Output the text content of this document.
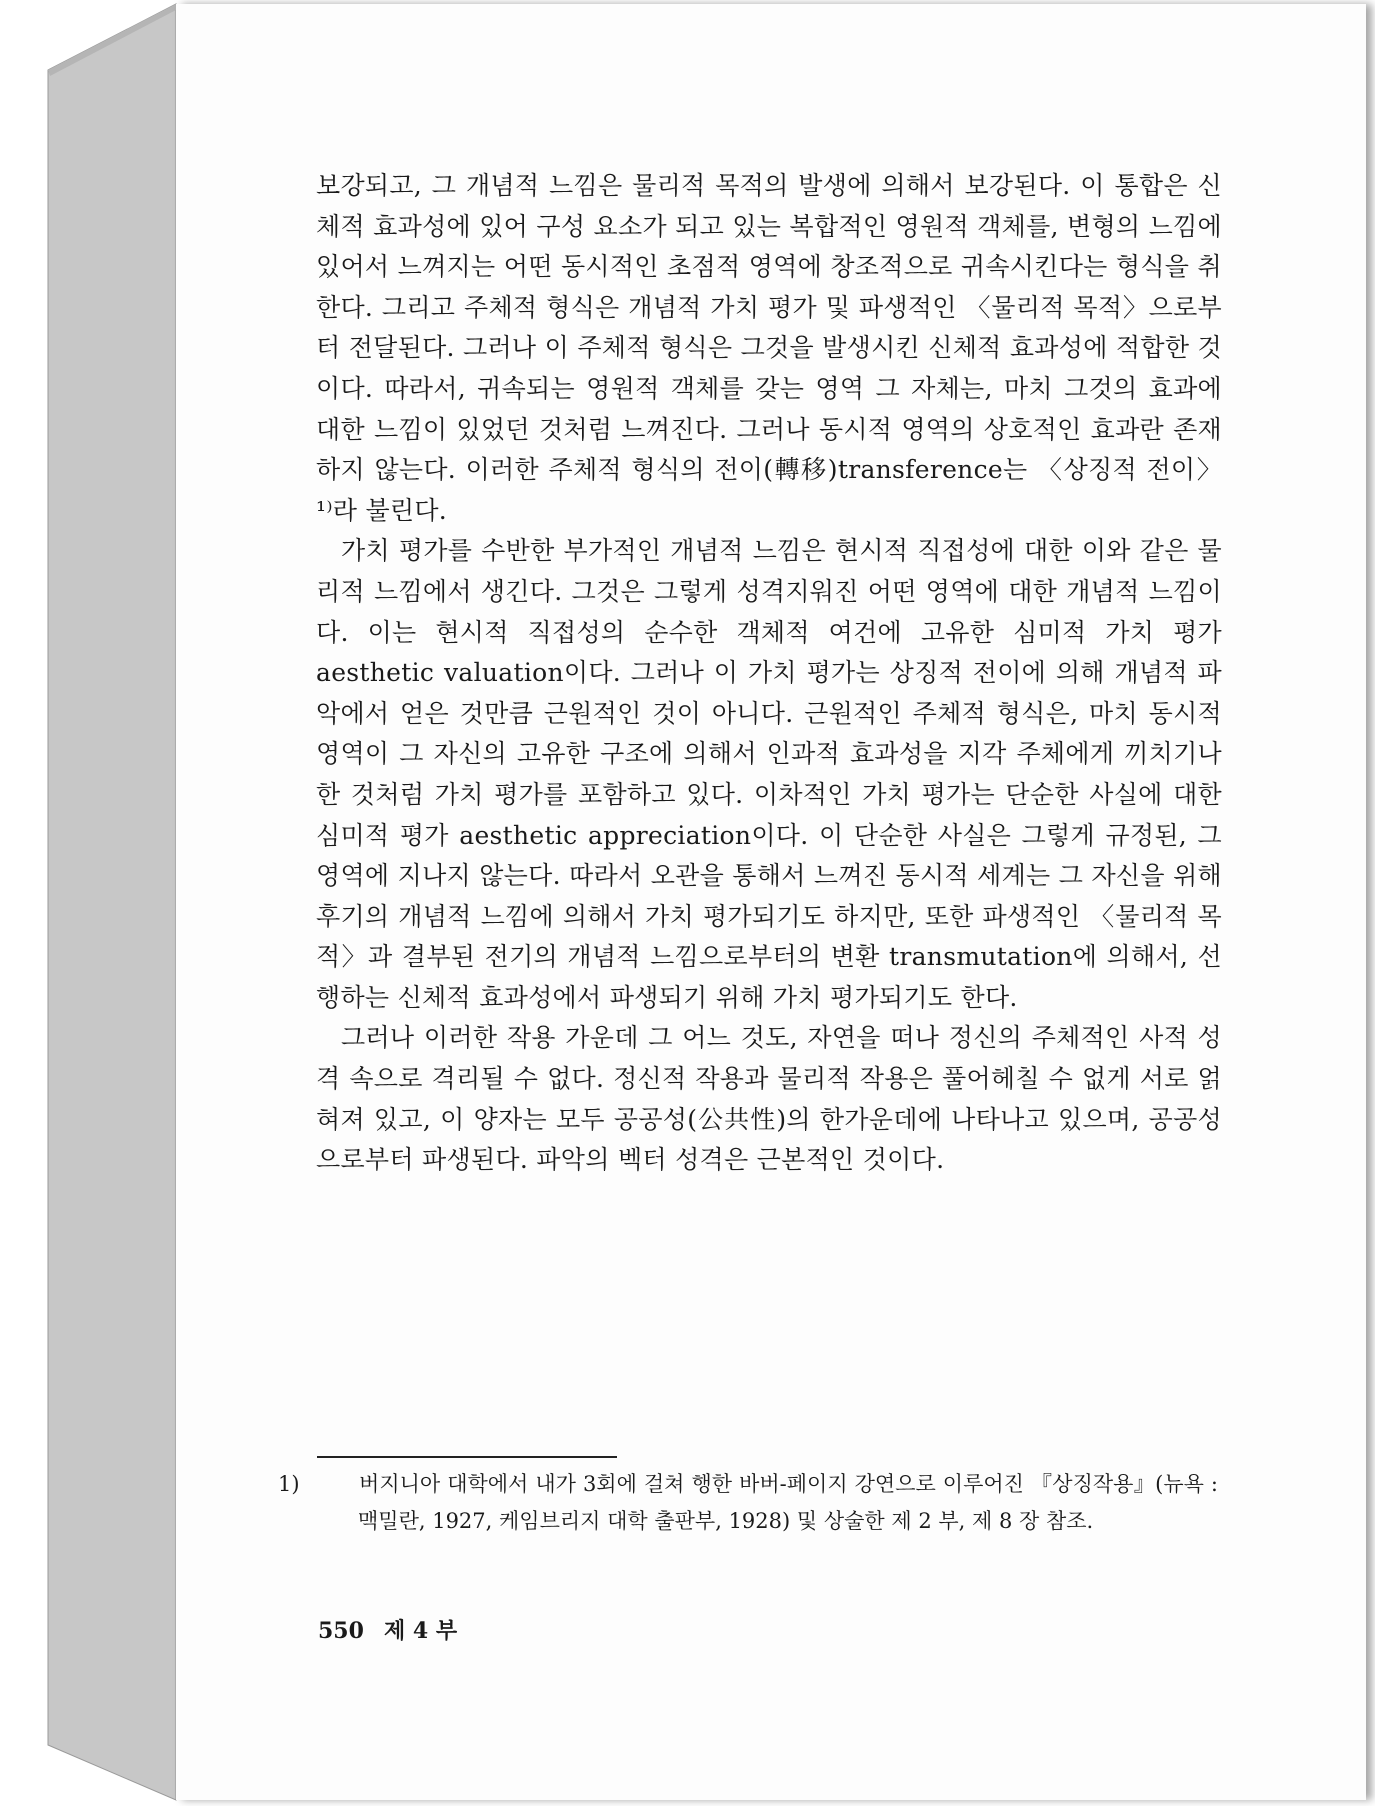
보강되고, 그 개념적 느낌은 물리적 목적의 발생에 의해서 보강된다. 이 통합은 신체적 효과성에 있어 구성 요소가 되고 있는 복합적인 영원적 객체를, 변형의 느낌에 있어서 느껴지는 어떤 동시적인 초점적 영역에 창조적으로 귀속시킨다는 형식을 취한다. 그리고 주체적 형식은 개념적 가치 평가 및 파생적인 〈물리적 목적〉으로부터 전달된다. 그러나 이 주체적 형식은 그것을 발생시킨 신체적 효과성에 적합한 것이다. 따라서, 귀속되는 영원적 객체를 갖는 영역 그 자체는, 마치 그것의 효과에 대한 느낌이 있었던 것처럼 느껴진다. 그러나 동시적 영역의 상호적인 효과란 존재하지 않는다. 이러한 주체적 형식의 전이(轉移)transference는 〈상징적 전이〉¹⁾라 불린다.

가치 평가를 수반한 부가적인 개념적 느낌은 현시적 직접성에 대한 이와 같은 물리적 느낌에서 생긴다. 그것은 그렇게 성격지워진 어떤 영역에 대한 개념적 느낌이다. 이는 현시적 직접성의 순수한 객체적 여건에 고유한 심미적 가치 평가 aesthetic valuation이다. 그러나 이 가치 평가는 상징적 전이에 의해 개념적 파악에서 얻은 것만큼 근원적인 것이 아니다. 근원적인 주체적 형식은, 마치 동시적 영역이 그 자신의 고유한 구조에 의해서 인과적 효과성을 지각 주체에게 끼치기나 한 것처럼 가치 평가를 포함하고 있다. 이차적인 가치 평가는 단순한 사실에 대한 심미적 평가 aesthetic appreciation이다. 이 단순한 사실은 그렇게 규정된, 그 영역에 지나지 않는다. 따라서 오관을 통해서 느껴진 동시적 세계는 그 자신을 위해 후기의 개념적 느낌에 의해서 가치 평가되기도 하지만, 또한 파생적인 〈물리적 목적〉과 결부된 전기의 개념적 느낌으로부터의 변환 transmutation에 의해서, 선행하는 신체적 효과성에서 파생되기 위해 가치 평가되기도 한다.

그러나 이러한 작용 가운데 그 어느 것도, 자연을 떠나 정신의 주체적인 사적 성격 속으로 격리될 수 없다. 정신적 작용과 물리적 작용은 풀어헤칠 수 없게 서로 얽혀져 있고, 이 양자는 모두 공공성(公共性)의 한가운데에 나타나고 있으며, 공공성으로부터 파생된다. 파악의 벡터 성격은 근본적인 것이다.

1)	버지니아 대학에서 내가 3회에 걸쳐 행한 바버-페이지 강연으로 이루어진 『상징작용』(뉴욕 : 맥밀란, 1927, 케임브리지 대학 출판부, 1928) 및 상술한 제 2 부, 제 8 장 참조.
550 제 4 부
